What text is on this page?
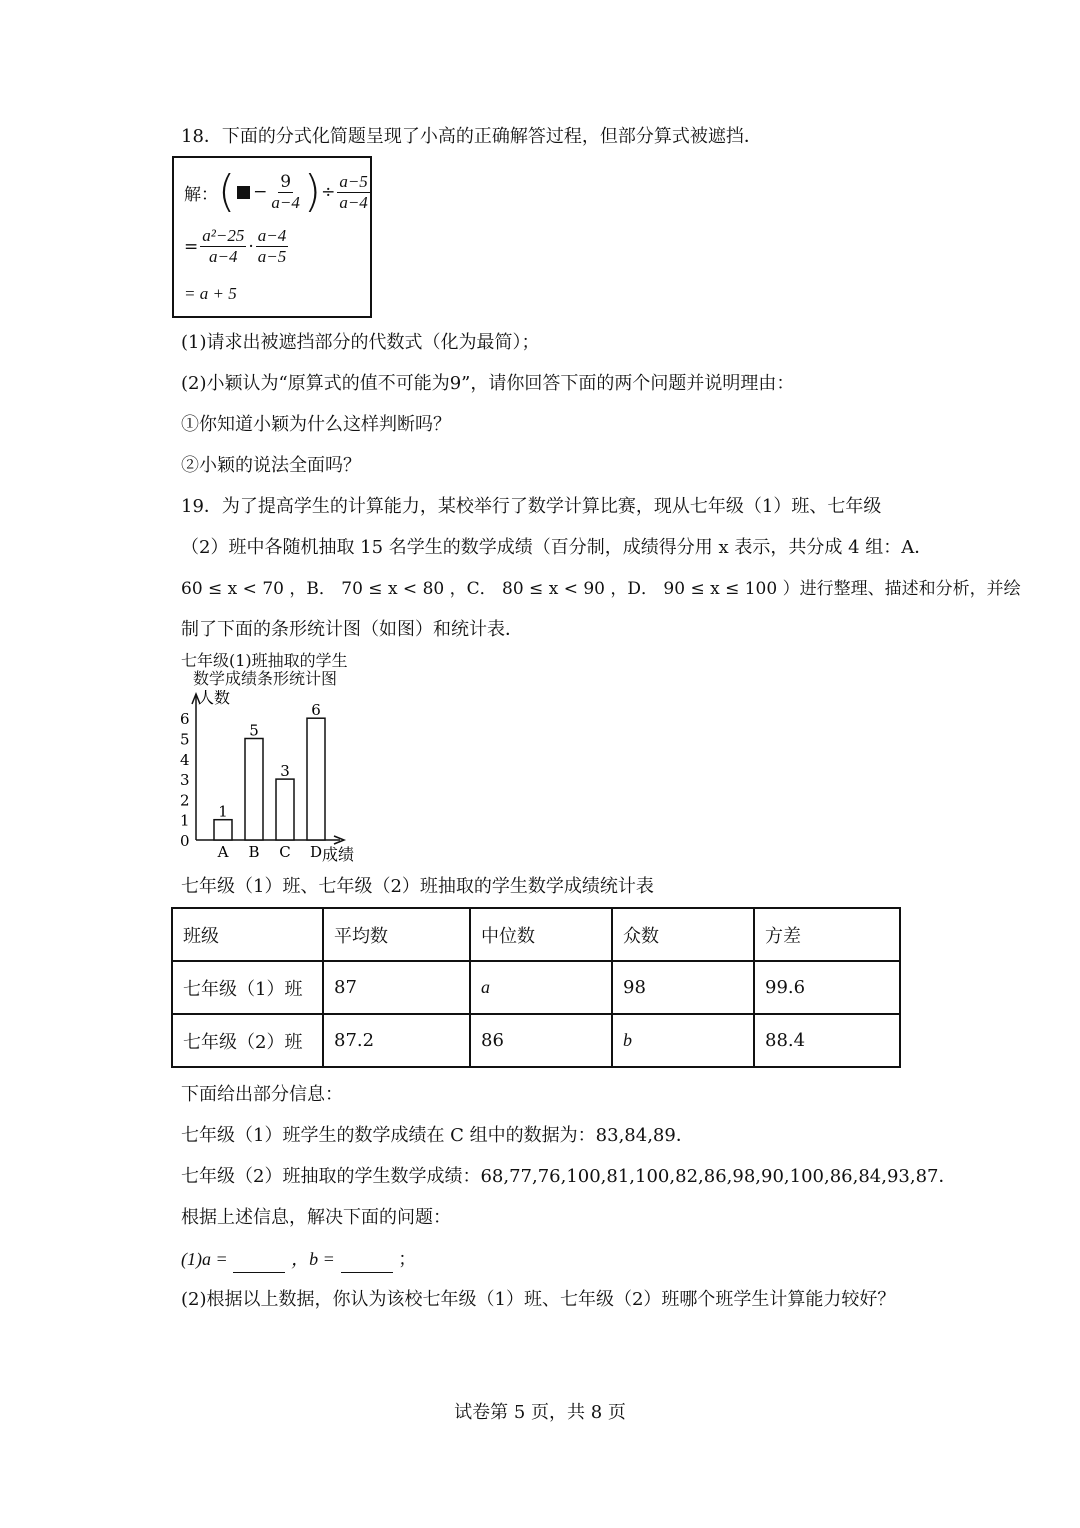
18．下面的分式化简题呈现了小高的正确解答过程，但部分算式被遮挡．
解： ( − $\frac{9}{a-4}$ ) ÷ $\frac{a-5}{a-4}$
= $\frac{\text{a²−25}}{a-4} \cdot \frac{a-4}{a-5}$
= a + 5
(1)请求出被遮挡部分的代数式（化为最简）；
(2)小颖认为“原算式的值不可能为9”，请你回答下面的两个问题并说明理由：
①你知道小颖为什么这样判断吗？
②小颖的说法全面吗？
19．为了提高学生的计算能力，某校举行了数学计算比赛，现从七年级（1）班、七年级
（2）班中各随机抽取 15 名学生的数学成绩（百分制，成绩得分用 x 表示，共分成 4 组：A．
60 ≤ x < 70 ，B． 70 ≤ x < 80 ，C． 80 ≤ x < 90 ，D． 90 ≤ x ≤ 100 ）进行整理、描述和分析，并绘
制了下面的条形统计图（如图）和统计表．
七年级(1)班抽取的学生
数学成绩条形统计图
人数
成绩
0
1
2
3
4
5
6
1
A
5
B
3
C
6
D
七年级（1）班、七年级（2）班抽取的学生数学成绩统计表
班级	平均数	中位数	众数	方差
七年级（1）班	87	a	98	99.6
七年级（2）班	87.2	86	b	88.4
下面给出部分信息：
七年级（1）班学生的数学成绩在 C 组中的数据为：83,84,89．
七年级（2）班抽取的学生数学成绩：68,77,76,100,81,100,82,86,98,90,100,86,84,93,87．
根据上述信息，解决下面的问题：
(1)a =	，b =	；
(2)根据以上数据，你认为该校七年级（1）班、七年级（2）班哪个班学生计算能力较好？
试卷第 5 页，共 8 页
